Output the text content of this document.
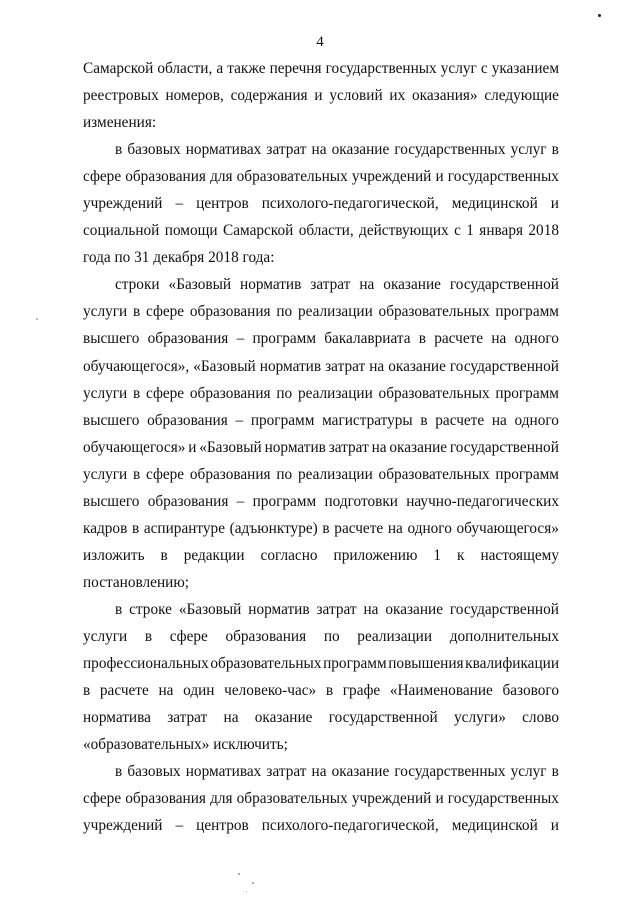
4
Самарской области, а также перечня государственных услуг с указанием
реестровых номеров, содержания и условий их оказания» следующие
изменения:
в базовых нормативах затрат на оказание государственных услуг в
сфере образования для образовательных учреждений и государственных
учреждений – центров психолого-педагогической, медицинской и
социальной помощи Самарской области, действующих с 1 января 2018
года по 31 декабря 2018 года:
строки «Базовый норматив затрат на оказание государственной
услуги в сфере образования по реализации образовательных программ
высшего образования – программ бакалавриата в расчете на одного
обучающегося», «Базовый норматив затрат на оказание государственной
услуги в сфере образования по реализации образовательных программ
высшего образования – программ магистратуры в расчете на одного
обучающегося» и «Базовый норматив затрат на оказание государственной
услуги в сфере образования по реализации образовательных программ
высшего образования – программ подготовки научно-педагогических
кадров в аспирантуре (адъюнктуре) в расчете на одного обучающегося»
изложить в редакции согласно приложению 1 к настоящему
постановлению;
в строке «Базовый норматив затрат на оказание государственной
услуги в сфере образования по реализации дополнительных
профессиональных образовательных программ повышения квалификации
в расчете на один человеко-час» в графе «Наименование базового
норматива затрат на оказание государственной услуги» слово
«образовательных» исключить;
в базовых нормативах затрат на оказание государственных услуг в
сфере образования для образовательных учреждений и государственных
учреждений – центров психолого-педагогической, медицинской и
